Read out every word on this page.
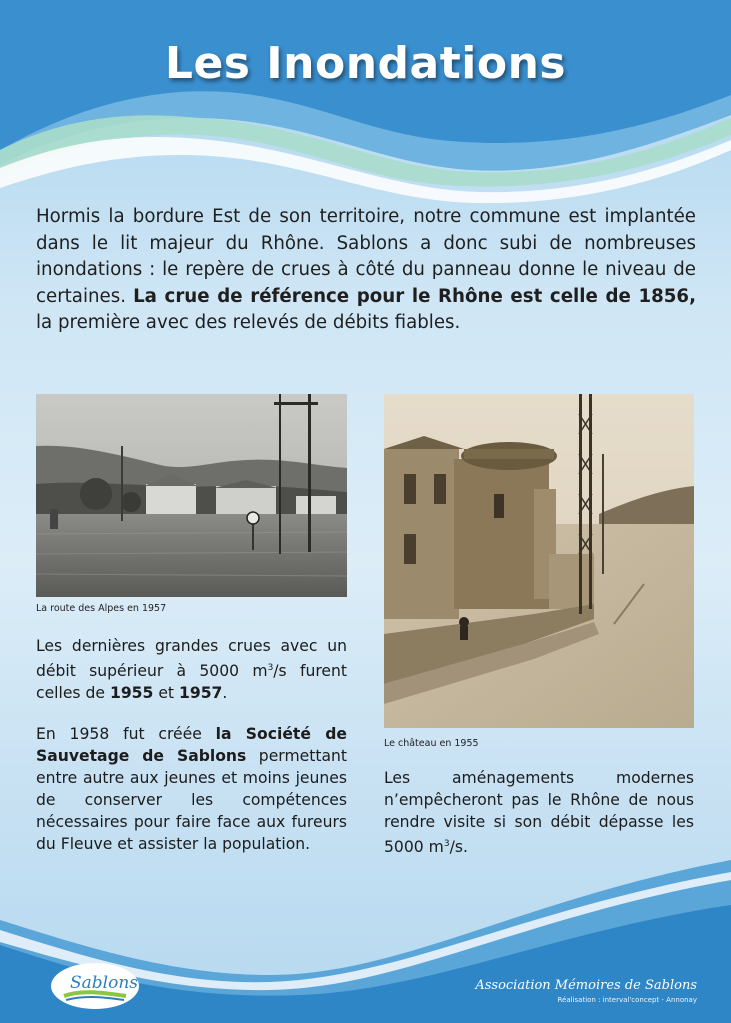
Les Inondations
Hormis la bordure Est de son territoire, notre commune est implantée dans le lit majeur du Rhône. Sablons a donc subi de nombreuses inondations : le repère de crues à côté du panneau donne le niveau de certaines. La crue de référence pour le Rhône est celle de 1856, la première avec des relevés de débits fiables.
La route des Alpes en 1957
Le château en 1955
Les dernières grandes crues avec un débit supérieur à 5000 $m^3/s$ furent celles de 1955 et 1957.
En 1958 fut créée la Société de Sauvetage de Sablons permettant entre autre aux jeunes et moins jeunes de conserver les compétences nécessaires pour faire face aux fureurs du Fleuve et assister la population.
Les aménagements modernes n’empêcheront pas le Rhône de nous rendre visite si son débit dépasse les 5000 $m^3/s$.
Sablons	Association Mémoires de Sablons
Réalisation : interval'concept - Annonay
